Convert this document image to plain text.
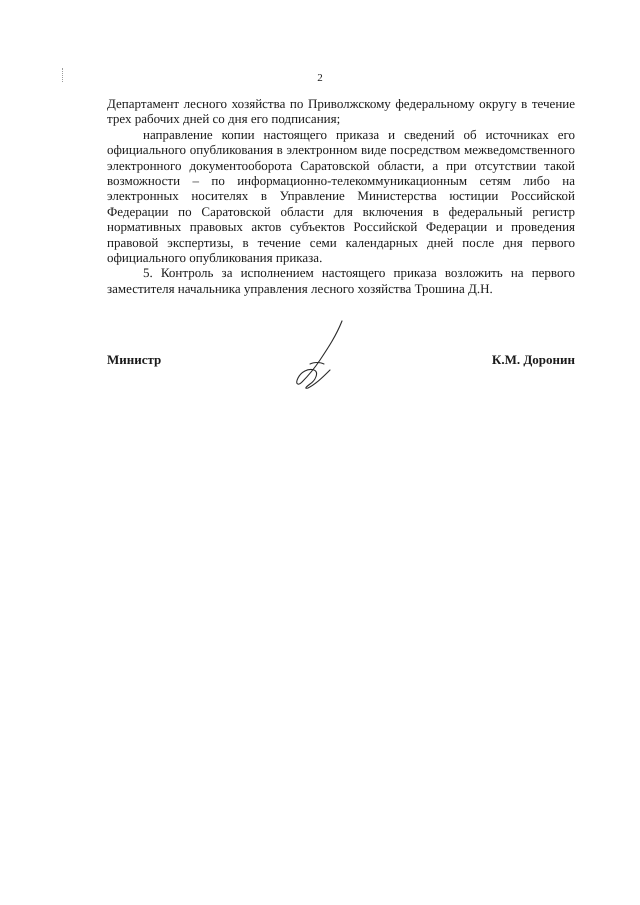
2

Департамент лесного хозяйства по Приволжскому федеральному округу в течение трех рабочих дней со дня его подписания;

направление копии настоящего приказа и сведений об источниках его официального опубликования в электронном виде посредством межведомственного электронного документооборота Саратовской области, а при отсутствии такой возможности – по информационно-телекоммуникационным сетям либо на электронных носителях в Управление Министерства юстиции Российской Федерации по Саратовской области для включения в федеральный регистр нормативных правовых актов субъектов Российской Федерации и проведения правовой экспертизы, в течение семи календарных дней после дня первого официального опубликования приказа.

5. Контроль за исполнением настоящего приказа возложить на первого заместителя начальника управления лесного хозяйства Трошина Д.Н.

Министр	К.М. Доронин
